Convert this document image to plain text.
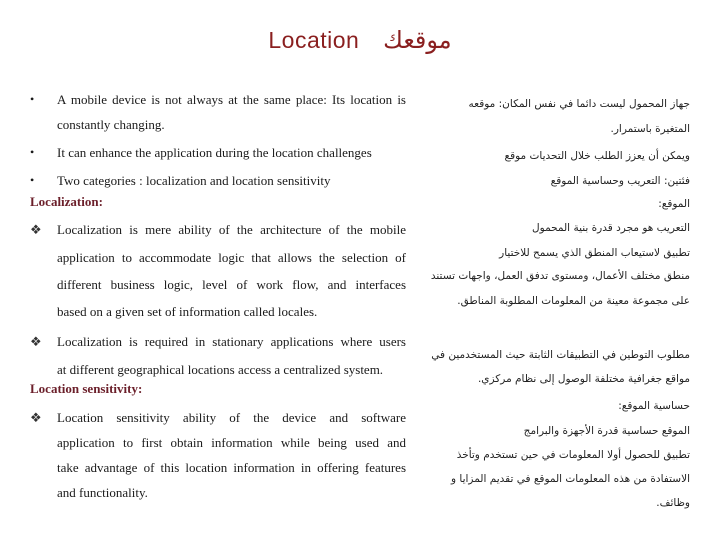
Location موقعك
• A mobile device is not always at the same place: Its location is
constantly changing.
• It can enhance the application during the location challenges
• Two categories : localization and location sensitivity
Localization:
❖ Localization is mere ability of the architecture of the mobile
application to accommodate logic that allows the selection of
different business logic, level of work flow, and interfaces
based on a given set of information called locales.
❖ Localization is required in stationary applications where users
at different geographical locations access a centralized system.
Location sensitivity:
❖ Location sensitivity ability of the device and software
application to first obtain information while being used and
take advantage of this location information in offering features
and functionality.
جهاز المحمول ليست دائما في نفس المكان: موقعه
المتغيرة باستمرار.
ويمكن أن يعزز الطلب خلال التحديات موقع
فئتين: التعريب وحساسية الموقع
الموقع:
التعريب هو مجرد قدرة بنية المحمول
تطبيق لاستيعاب المنطق الذي يسمح للاختيار
منطق مختلف الأعمال، ومستوى تدفق العمل، واجهات تستند
على مجموعة معينة من المعلومات المطلوبة المناطق.
مطلوب التوطين في التطبيقات الثابتة حيث المستخدمين في
مواقع جغرافية مختلفة الوصول إلى نظام مركزي.
حساسية الموقع:
الموقع حساسية قدرة الأجهزة والبرامج
تطبيق للحصول أولا المعلومات في حين تستخدم وتأخذ
الاستفادة من هذه المعلومات الموقع في تقديم المزايا و
وظائف.
